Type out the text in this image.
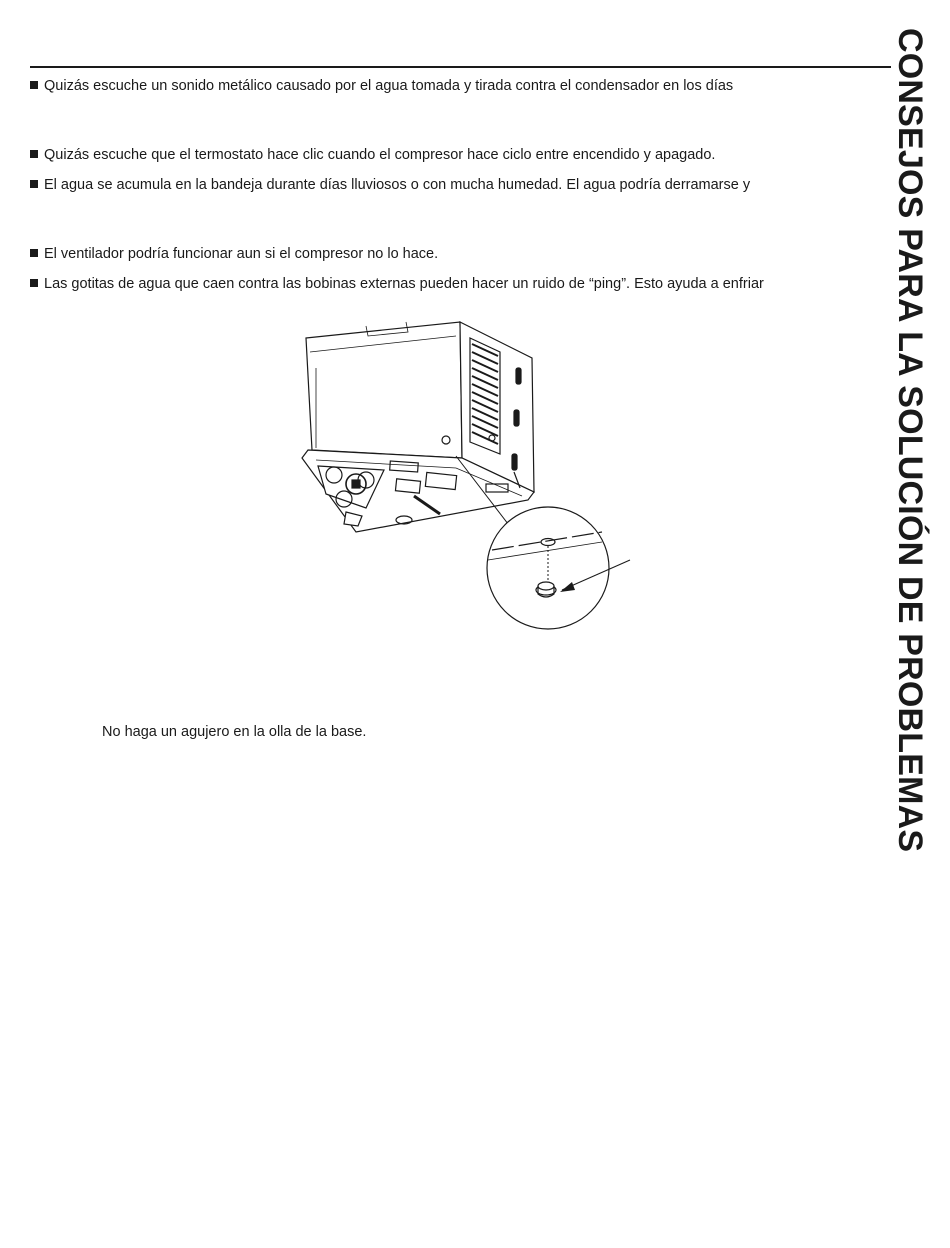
CONSEJOS PARA LA SOLUCIÓN DE PROBLEMAS
Quizás escuche un sonido metálico causado por el agua tomada y tirada contra el condensador en los días
Quizás escuche que el termostato hace clic cuando el compresor hace ciclo entre encendido y apagado.
El agua se acumula en la bandeja durante días lluviosos o con mucha humedad. El agua podría derramarse y
El ventilador podría funcionar aun si el compresor no lo hace.
Las gotitas de agua que caen contra las bobinas externas pueden hacer un ruido de “ping”. Esto ayuda a enfriar
No haga un agujero en la olla de la base.
